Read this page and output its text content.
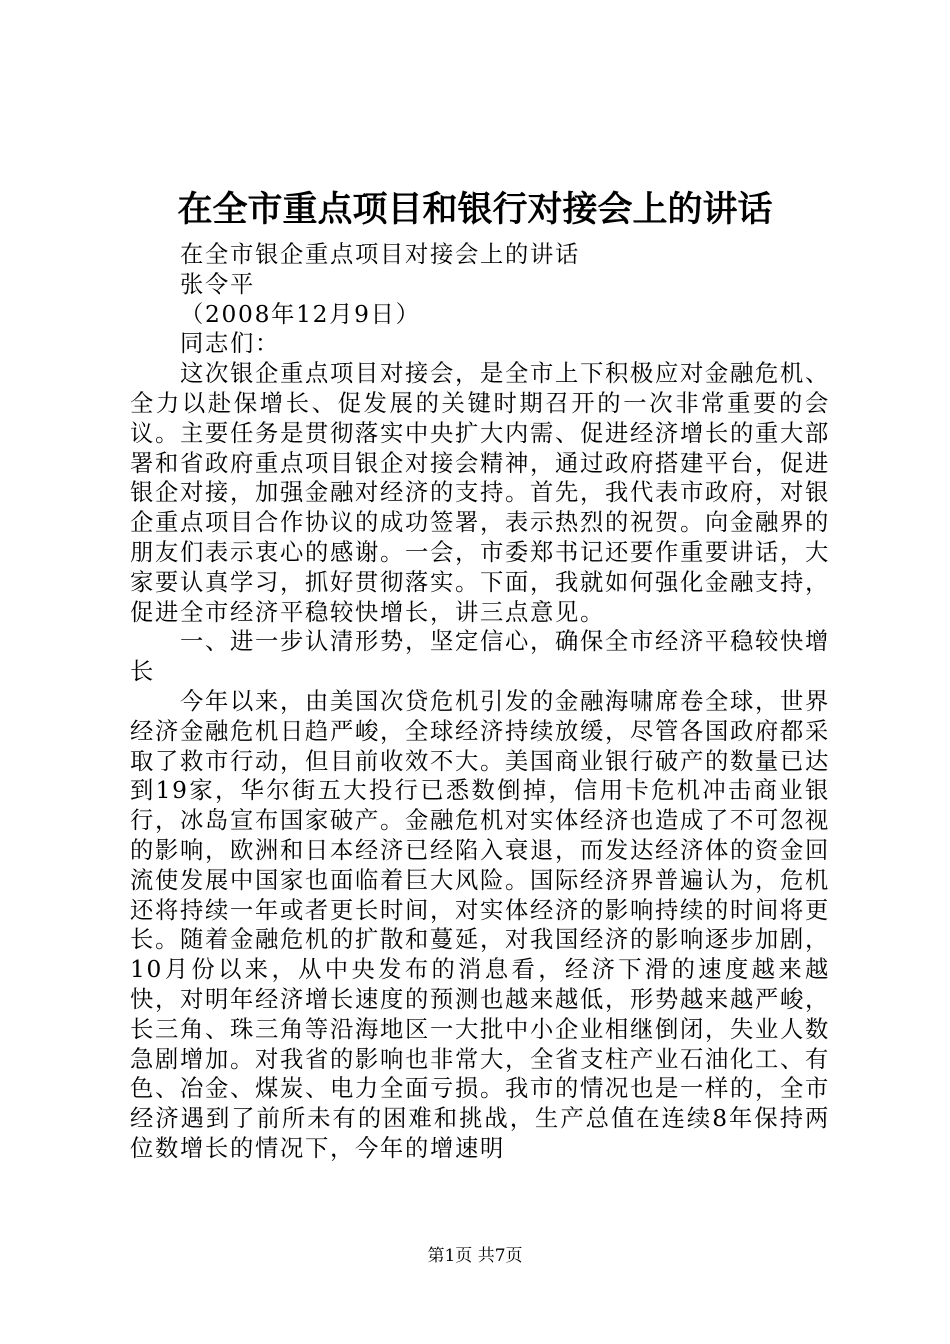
在全市重点项目和银行对接会上的讲话

在全市银企重点项目对接会上的讲话

张令平

（2008年12月9日）

同志们：

这次银企重点项目对接会，是全市上下积极应对金融危机、全力以赴保增长、促发展的关键时期召开的一次非常重要的会议。主要任务是贯彻落实中央扩大内需、促进经济增长的重大部署和省政府重点项目银企对接会精神，通过政府搭建平台，促进银企对接，加强金融对经济的支持。首先，我代表市政府，对银企重点项目合作协议的成功签署，表示热烈的祝贺。向金融界的朋友们表示衷心的感谢。一会，市委郑书记还要作重要讲话，大家要认真学习，抓好贯彻落实。下面，我就如何强化金融支持，促进全市经济平稳较快增长，讲三点意见。

一、进一步认清形势，坚定信心，确保全市经济平稳较快增长

今年以来，由美国次贷危机引发的金融海啸席卷全球，世界经济金融危机日趋严峻，全球经济持续放缓，尽管各国政府都采取了救市行动，但目前收效不大。美国商业银行破产的数量已达到19家，华尔街五大投行已悉数倒掉，信用卡危机冲击商业银行，冰岛宣布国家破产。金融危机对实体经济也造成了不可忽视的影响，欧洲和日本经济已经陷入衰退，而发达经济体的资金回流使发展中国家也面临着巨大风险。国际经济界普遍认为，危机还将持续一年或者更长时间，对实体经济的影响持续的时间将更长。随着金融危机的扩散和蔓延，对我国经济的影响逐步加剧，10月份以来，从中央发布的消息看，经济下滑的速度越来越快，对明年经济增长速度的预测也越来越低，形势越来越严峻，长三角、珠三角等沿海地区一大批中小企业相继倒闭，失业人数急剧增加。对我省的影响也非常大，全省支柱产业石油化工、有色、冶金、煤炭、电力全面亏损。我市的情况也是一样的，全市经济遇到了前所未有的困难和挑战，生产总值在连续8年保持两位数增长的情况下，今年的增速明

第1页 共7页
